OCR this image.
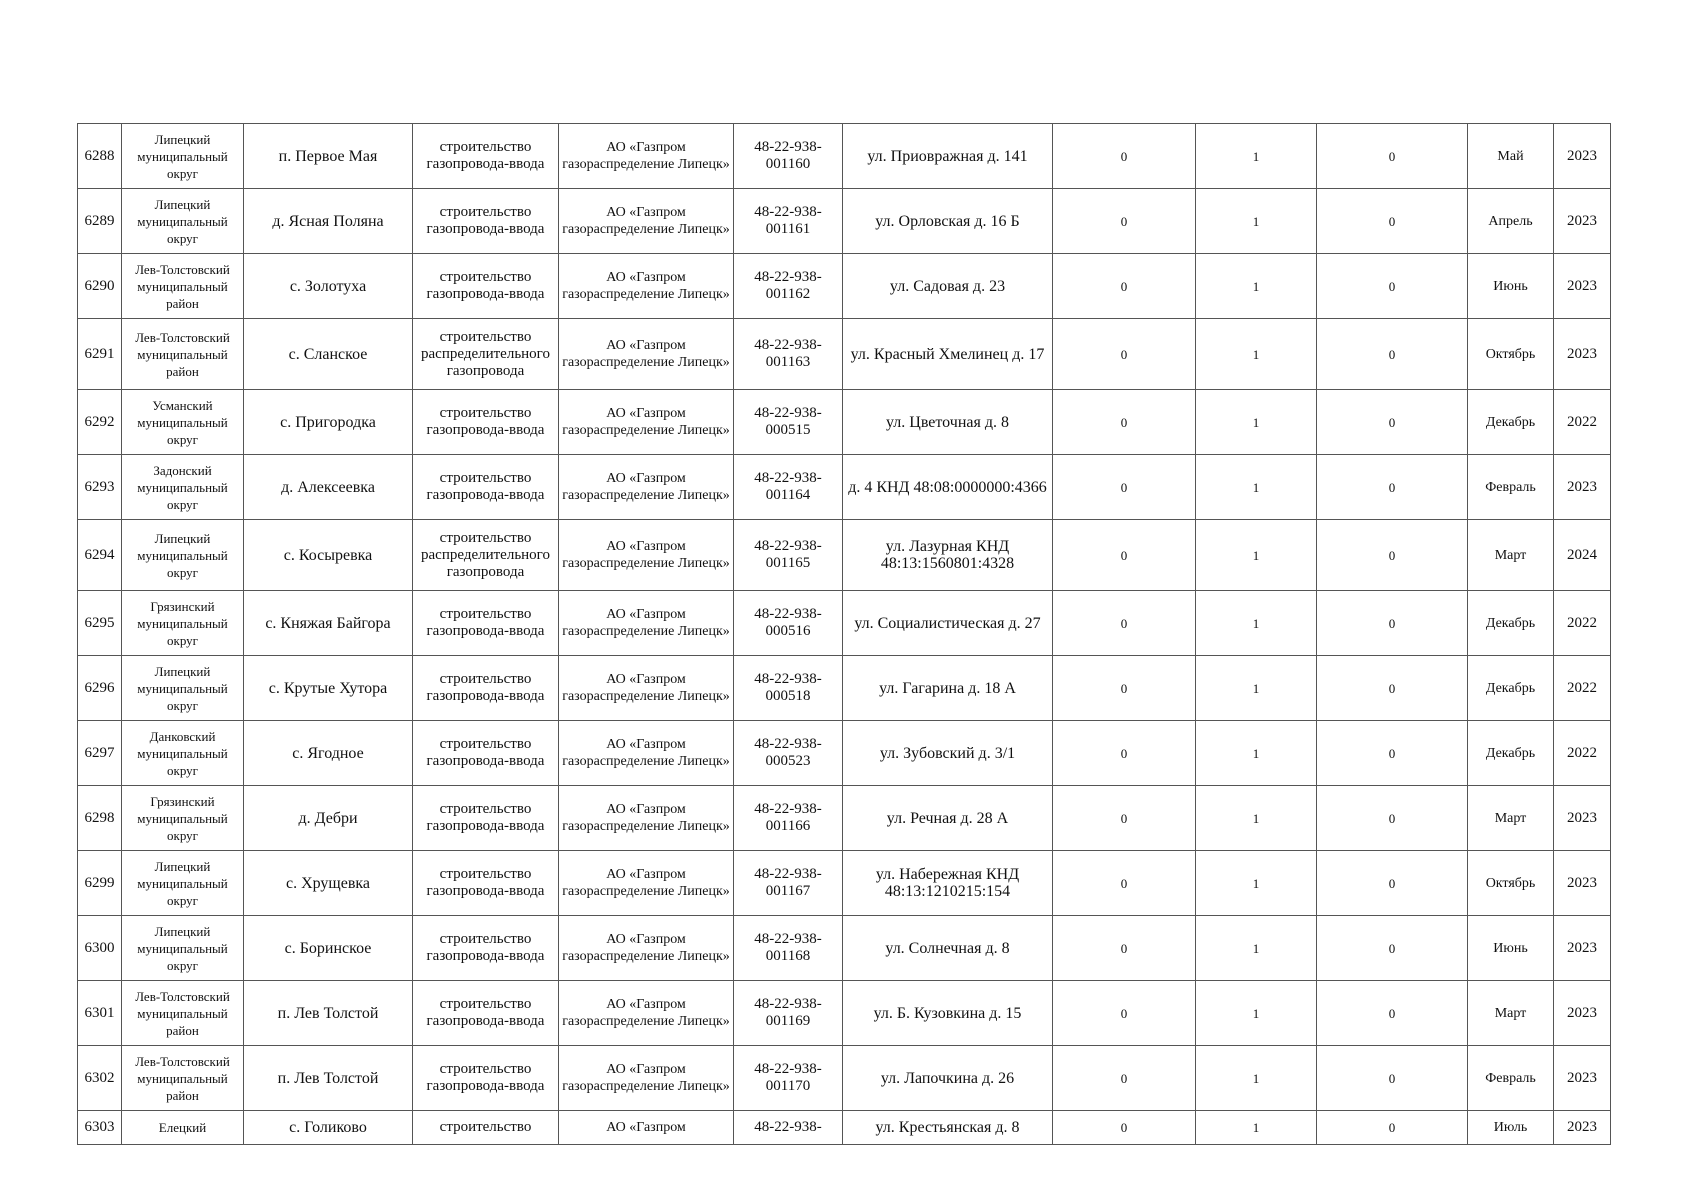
6288	Липецкий муниципальный округ	п. Первое Мая	строительство газопровода-ввода	АО «Газпром газораспределение Липецк»	48-22-938-001160	ул. Приовражная д. 141	0	1	0	Май	2023
6289	Липецкий муниципальный округ	д. Ясная Поляна	строительство газопровода-ввода	АО «Газпром газораспределение Липецк»	48-22-938-001161	ул. Орловская д. 16 Б	0	1	0	Апрель	2023
6290	Лев-Толстовский муниципальный район	с. Золотуха	строительство газопровода-ввода	АО «Газпром газораспределение Липецк»	48-22-938-001162	ул. Садовая д. 23	0	1	0	Июнь	2023
6291	Лев-Толстовский муниципальный район	с. Сланское	строительство распределительного газопровода	АО «Газпром газораспределение Липецк»	48-22-938-001163	ул. Красный Хмелинец д. 17	0	1	0	Октябрь	2023
6292	Усманский муниципальный округ	с. Пригородка	строительство газопровода-ввода	АО «Газпром газораспределение Липецк»	48-22-938-000515	ул. Цветочная д. 8	0	1	0	Декабрь	2022
6293	Задонский муниципальный округ	д. Алексеевка	строительство газопровода-ввода	АО «Газпром газораспределение Липецк»	48-22-938-001164	д. 4 КНД 48:08:0000000:4366	0	1	0	Февраль	2023
6294	Липецкий муниципальный округ	с. Косыревка	строительство распределительного газопровода	АО «Газпром газораспределение Липецк»	48-22-938-001165	ул. Лазурная КНД 48:13:1560801:4328	0	1	0	Март	2024
6295	Грязинский муниципальный округ	с. Княжая Байгора	строительство газопровода-ввода	АО «Газпром газораспределение Липецк»	48-22-938-000516	ул. Социалистическая д. 27	0	1	0	Декабрь	2022
6296	Липецкий муниципальный округ	с. Крутые Хутора	строительство газопровода-ввода	АО «Газпром газораспределение Липецк»	48-22-938-000518	ул. Гагарина д. 18 А	0	1	0	Декабрь	2022
6297	Данковский муниципальный округ	с. Ягодное	строительство газопровода-ввода	АО «Газпром газораспределение Липецк»	48-22-938-000523	ул. Зубовский д. 3/1	0	1	0	Декабрь	2022
6298	Грязинский муниципальный округ	д. Дебри	строительство газопровода-ввода	АО «Газпром газораспределение Липецк»	48-22-938-001166	ул. Речная д. 28 А	0	1	0	Март	2023
6299	Липецкий муниципальный округ	с. Хрущевка	строительство газопровода-ввода	АО «Газпром газораспределение Липецк»	48-22-938-001167	ул. Набережная КНД 48:13:1210215:154	0	1	0	Октябрь	2023
6300	Липецкий муниципальный округ	с. Боринское	строительство газопровода-ввода	АО «Газпром газораспределение Липецк»	48-22-938-001168	ул. Солнечная д. 8	0	1	0	Июнь	2023
6301	Лев-Толстовский муниципальный район	п. Лев Толстой	строительство газопровода-ввода	АО «Газпром газораспределение Липецк»	48-22-938-001169	ул. Б. Кузовкина д. 15	0	1	0	Март	2023
6302	Лев-Толстовский муниципальный район	п. Лев Толстой	строительство газопровода-ввода	АО «Газпром газораспределение Липецк»	48-22-938-001170	ул. Лапочкина д. 26	0	1	0	Февраль	2023
6303	Елецкий	с. Голиково	строительство	АО «Газпром	48-22-938-	ул. Крестьянская д. 8	0	1	0	Июль	2023
